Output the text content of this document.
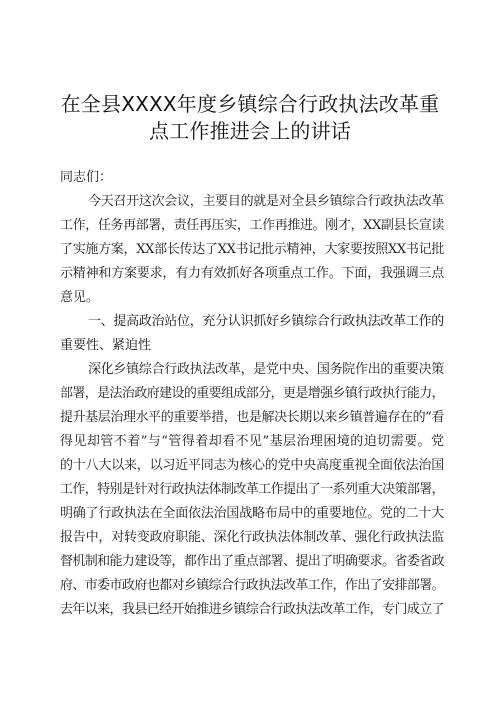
在全县XXXX年度乡镇综合行政执法改革重
点工作推进会上的讲话
同志们：
今天召开这次会议，主要目的就是对全县乡镇综合行政执法改革
工作，任务再部署，责任再压实，工作再推进。刚才，XX副县长宣读
了实施方案，XX部长传达了XX书记批示精神，大家要按照XX书记批
示精神和方案要求，有力有效抓好各项重点工作。下面，我强调三点
意见。
一、提高政治站位，充分认识抓好乡镇综合行政执法改革工作的
重要性、紧迫性
深化乡镇综合行政执法改革，是党中央、国务院作出的重要决策
部署，是法治政府建设的重要组成部分，更是增强乡镇行政执行能力，
提升基层治理水平的重要举措，也是解决长期以来乡镇普遍存在的“看
得见却管不着”与“管得着却看不见”基层治理困境的迫切需要。党
的十八大以来，以习近平同志为核心的党中央高度重视全面依法治国
工作，特别是针对行政执法体制改革工作提出了一系列重大决策部署，
明确了行政执法在全面依法治国战略布局中的重要地位。党的二十大
报告中，对转变政府职能、深化行政执法体制改革、强化行政执法监
督机制和能力建设等，都作出了重点部署、提出了明确要求。省委省政
府、市委市政府也都对乡镇综合行政执法改革工作，作出了安排部署。
去年以来，我县已经开始推进乡镇综合行政执法改革工作，专门成立了
